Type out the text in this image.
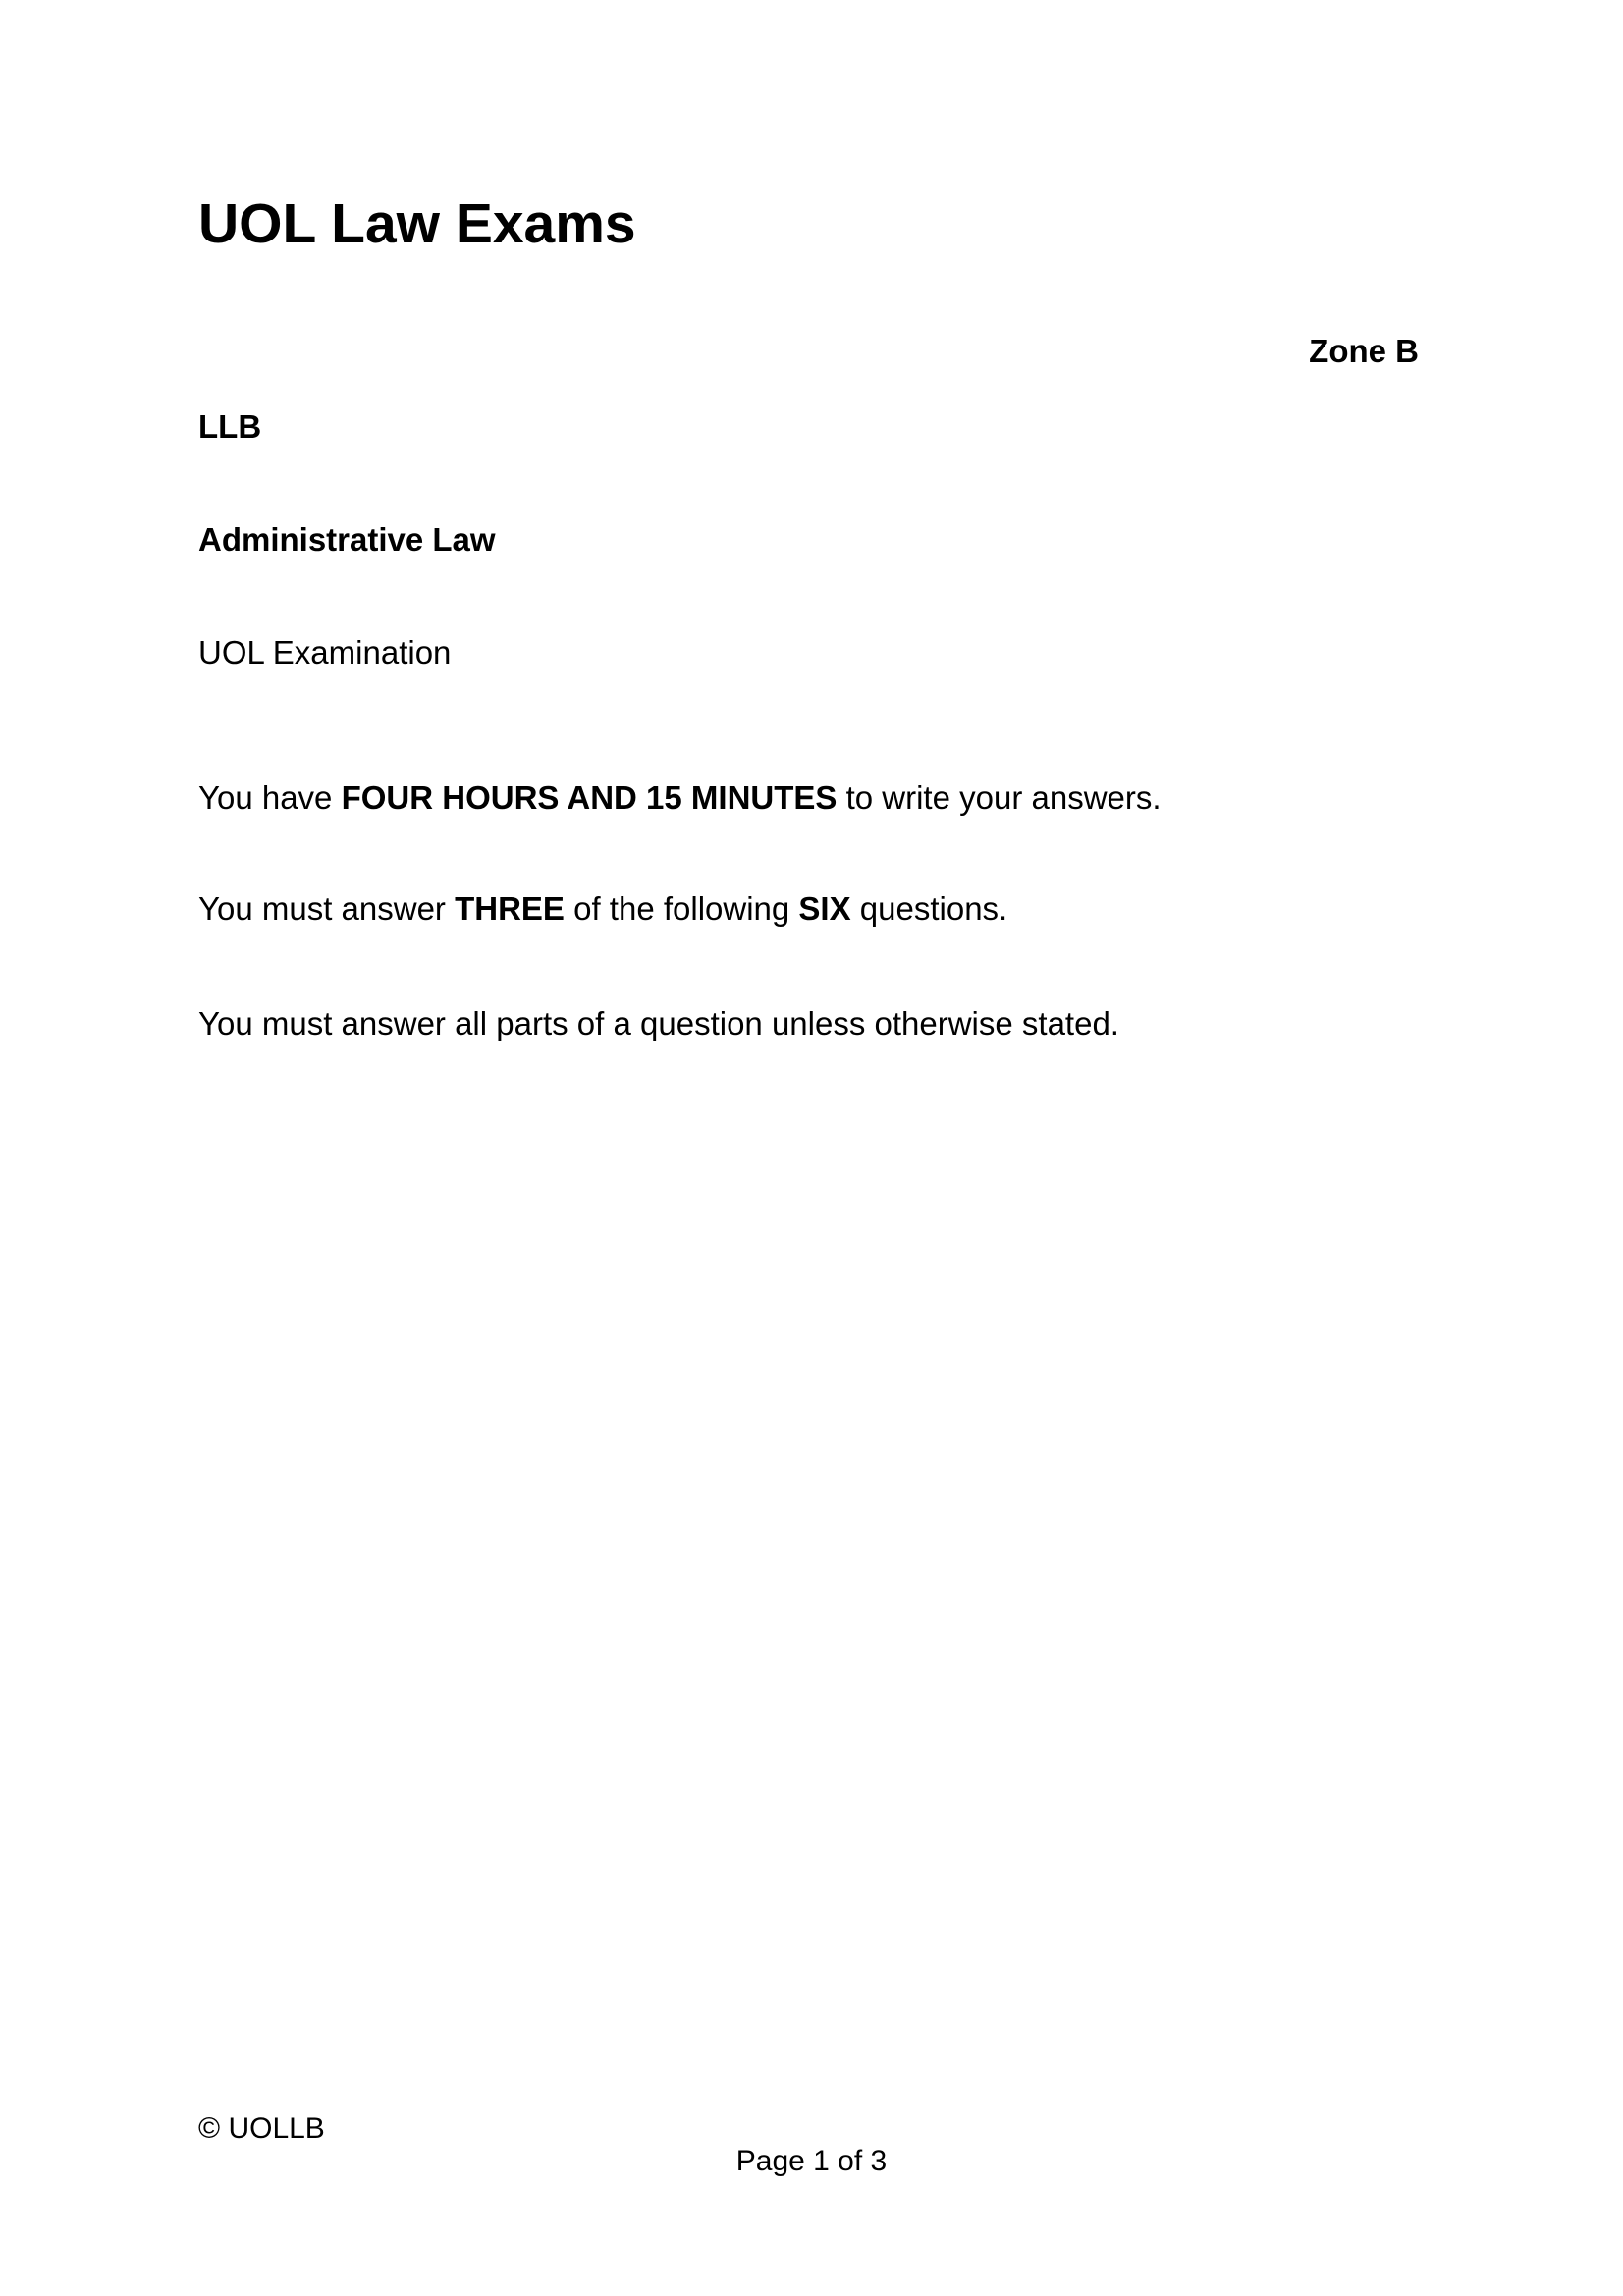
UOL Law Exams
Zone B
LLB
Administrative Law
UOL Examination

You have FOUR HOURS AND 15 MINUTES to write your answers.

You must answer THREE of the following SIX questions.

You must answer all parts of a question unless otherwise stated.

© UOLLB
Page 1 of 3
